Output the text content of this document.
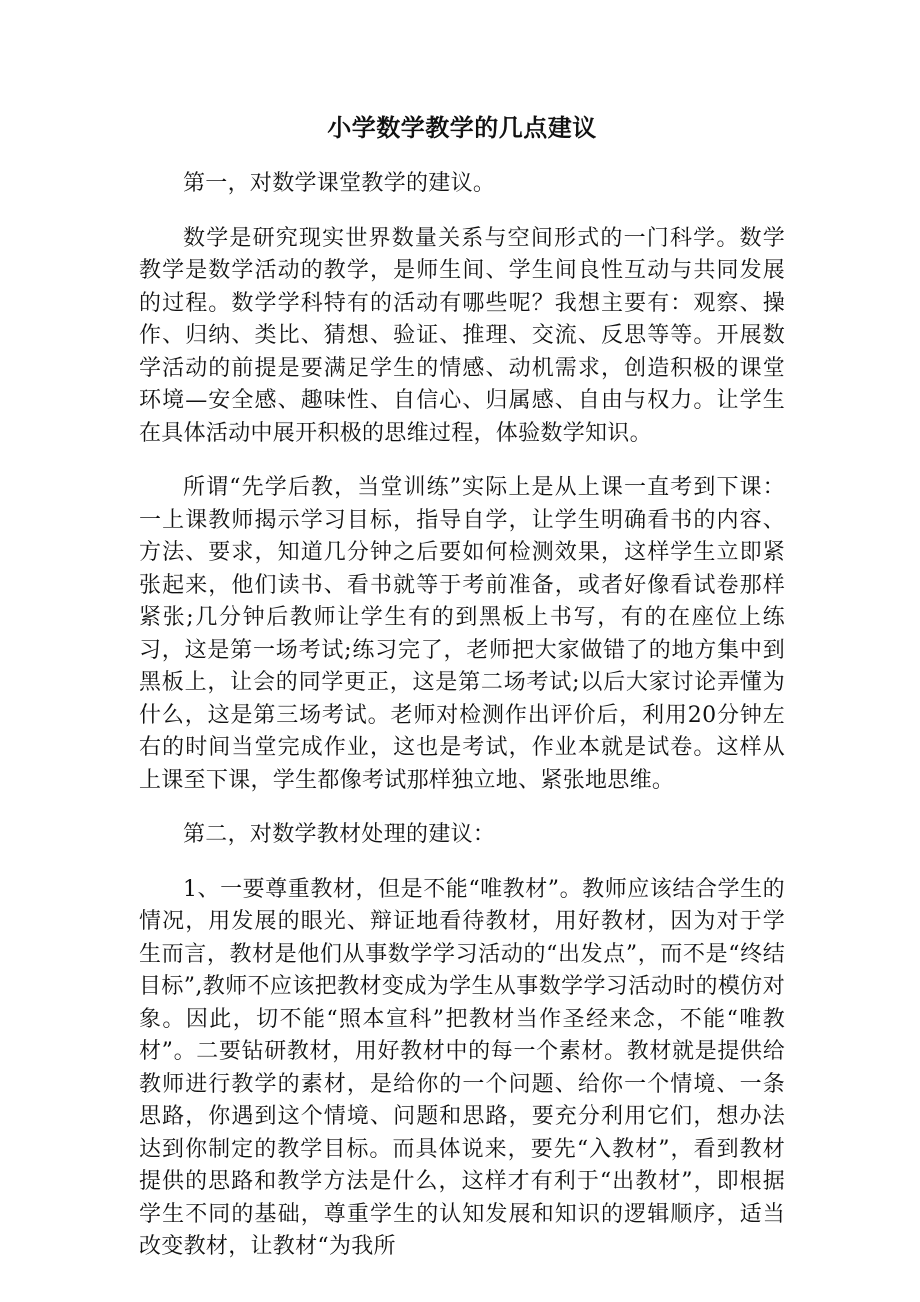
小学数学教学的几点建议

第一，对数学课堂教学的建议。

数学是研究现实世界数量关系与空间形式的一门科学。数学教学是数学活动的教学，是师生间、学生间良性互动与共同发展的过程。数学学科特有的活动有哪些呢？我想主要有：观察、操作、归纳、类比、猜想、验证、推理、交流、反思等等。开展数学活动的前提是要满足学生的情感、动机需求，创造积极的课堂环境—安全感、趣味性、自信心、归属感、自由与权力。让学生在具体活动中展开积极的思维过程，体验数学知识。

所谓“先学后教，当堂训练”实际上是从上课一直考到下课：一上课教师揭示学习目标，指导自学，让学生明确看书的内容、方法、要求，知道几分钟之后要如何检测效果，这样学生立即紧张起来，他们读书、看书就等于考前准备，或者好像看试卷那样紧张;几分钟后教师让学生有的到黑板上书写，有的在座位上练习，这是第一场考试;练习完了，老师把大家做错了的地方集中到黑板上，让会的同学更正，这是第二场考试;以后大家讨论弄懂为什么，这是第三场考试。老师对检测作出评价后，利用20分钟左右的时间当堂完成作业，这也是考试，作业本就是试卷。这样从上课至下课，学生都像考试那样独立地、紧张地思维。

第二，对数学教材处理的建议：

1、一要尊重教材，但是不能“唯教材”。教师应该结合学生的情况，用发展的眼光、辩证地看待教材，用好教材，因为对于学生而言，教材是他们从事数学学习活动的“出发点”，而不是“终结目标”,教师不应该把教材变成为学生从事数学学习活动时的模仿对象。因此，切不能“照本宣科”把教材当作圣经来念，不能“唯教材”。二要钻研教材，用好教材中的每一个素材。教材就是提供给教师进行教学的素材，是给你的一个问题、给你一个情境、一条思路，你遇到这个情境、问题和思路，要充分利用它们，想办法达到你制定的教学目标。而具体说来，要先“入教材”，看到教材提供的思路和教学方法是什么，这样才有利于“出教材”，即根据学生不同的基础，尊重学生的认知发展和知识的逻辑顺序，适当改变教材，让教材“为我所
